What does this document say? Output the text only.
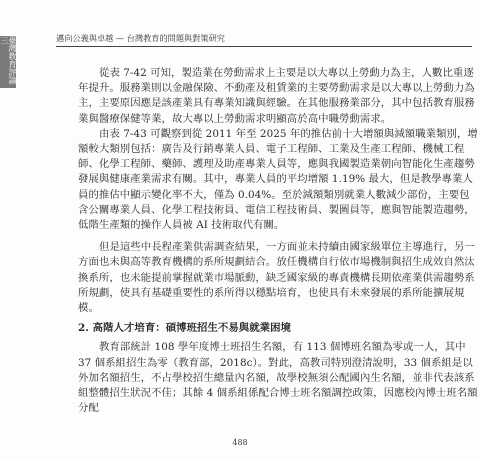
臺灣教育評論三	邁向公義與卓越 — 台灣教育的問題與對策研究

從表 7-42 可知，製造業在勞動需求上主要是以大專以上勞動力為主，人數比重逐年提升。服務業則以金融保險、不動產及租賃業的主要勞動需求是以大專以上勞動力為主，主要原因應是該產業具有專業知識與經驗。在其他服務業部分，其中包括教育服務業與醫療保健等業，故大專以上勞動需求明顯高於高中職勞動需求。

由表 7-43 可觀察到從 2011 年至 2025 年的推估前十大增額與減額職業類別，增額較大類別包括：廣告及行銷專業人員、電子工程師、工業及生產工程師、機械工程師、化學工程師、藥師、護理及助產專業人員等，應與我國製造業朝向智能化生產趨勢發展與健康產業需求有關。其中，專業人員的平均增額 1.19% 最大，但是教學專業人員的推估中顯示變化率不大，僅為 0.04%。至於減額類別就業人數減少部份，主要包含公關專業人員、化學工程技術員、電信工程技術員、製圖員等，應與智能製造趨勢，低階生產類的操作人員被 AI 技術取代有關。

但是這些中長程產業供需調查結果，一方面並未持續由國家級單位主導進行，另一方面也未與高等教育機構的系所規劃結合。放任機構自行依市場機制與招生成效自然汰換系所，也未能提前掌握就業市場脈動，缺乏國家級的專責機構長期依產業供需趨勢系所規劃，使具有基礎重要性的系所得以穩點培育，也使具有未來發展的系所能擴展規模。

2. 高階人才培育：碩博班招生不易與就業困境

教育部統計 108 學年度博士班招生名額，有 113 個博班名額為零或一人，其中 37 個系組招生為零（教育部，2018c）。對此，高教司特別澄清說明，33 個系組是以外加名額招生，不占學校招生總量內名額，故學校無須公配國內生名額，並非代表該系組整體招生狀況不佳；其餘 4 個系組係配合博士班名額調控政策，因應校內博士班名額分配

488
